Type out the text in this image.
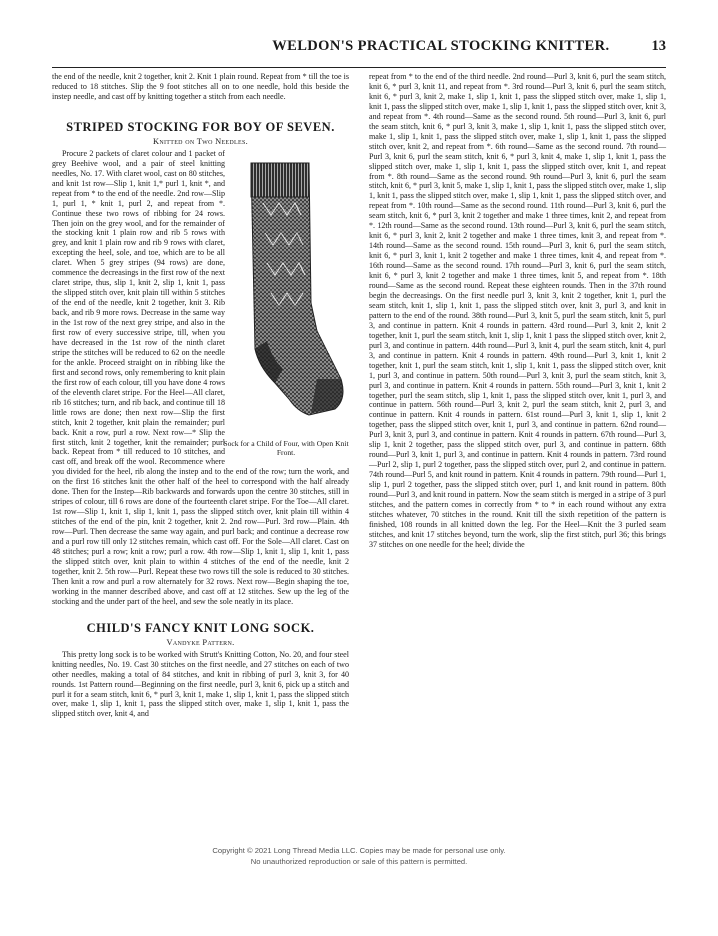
WELDON'S PRACTICAL STOCKING KNITTER.	13

the end of the needle, knit 2 together, knit 2. Knit 1 plain round. Repeat from * till the toe is reduced to 18 stitches. Slip the 9 foot stitches all on to one needle, hold this beside the instep needle, and cast off by knitting together a stitch from each needle.

STRIPED STOCKING FOR BOY OF SEVEN.
Knitted on Two Needles.
Sock for a Child of Four, with Open Knit Front.

Procure 2 packets of claret colour and 1 packet of grey Beehive wool, and a pair of steel knitting needles, No. 17. With claret wool, cast on 80 stitches, and knit 1st row—Slip 1, knit 1,* purl 1, knit *, and repeat from * to the end of the needle. 2nd row—Slip 1, purl 1, * knit 1, purl 2, and repeat from *. Continue these two rows of ribbing for 24 rows. Then join on the grey wool, and for the remainder of the stocking knit 1 plain row and rib 5 rows with grey, and knit 1 plain row and rib 9 rows with claret, excepting the heel, sole, and toe, which are to be all claret. When 5 grey stripes (94 rows) are done, commence the decreasings in the first row of the next claret stripe, thus, slip 1, knit 2, slip 1, knit 1, pass the slipped stitch over, knit plain till within 5 stitches of the end of the needle, knit 2 together, knit 3. Rib back, and rib 9 more rows. Decrease in the same way in the 1st row of the next grey stripe, and also in the first row of every successive stripe, till, when you have decreased in the 1st row of the ninth claret stripe the stitches will be reduced to 62 on the needle for the ankle. Proceed straight on in ribbing like the first and second rows, only remembering to knit plain the first row of each colour, till you have done 4 rows of the eleventh claret stripe. For the Heel—All claret, rib 16 stitches; turn, and rib back, and continue till 18 little rows are done; then next row—Slip the first stitch, knit 2 together, knit plain the remainder; purl back. Knit a row, purl a row. Next row—* Slip the first stitch, knit 2 together, knit the remainder; purl back. Repeat from * till reduced to 10 stitches, and cast off, and break off the wool. Recommence where you divided for the heel, rib along the instep and to the end of the row; turn the work, and on the first 16 stitches knit the other half of the heel to correspond with the half already done. Then for the Instep—Rib backwards and forwards upon the centre 30 stitches, still in stripes of colour, till 6 rows are done of the fourteenth claret stripe. For the Toe—All claret. 1st row—Slip 1, knit 1, slip 1, knit 1, pass the slipped stitch over, knit plain till within 4 stitches of the end of the pin, knit 2 together, knit 2. 2nd row—Purl. 3rd row—Plain. 4th row—Purl. Then decrease the same way again, and purl back; and continue a decrease row and a purl row till only 12 stitches remain, which cast off. For the Sole—All claret. Cast on 48 stitches; purl a row; knit a row; purl a row. 4th row—Slip 1, knit 1, slip 1, knit 1, pass the slipped stitch over, knit plain to within 4 stitches of the end of the needle, knit 2 together, knit 2. 5th row—Purl. Repeat these two rows till the sole is reduced to 30 stitches. Then knit a row and purl a row alternately for 32 rows. Next row—Begin shaping the toe, working in the manner described above, and cast off at 12 stitches. Sew up the leg of the stocking and the under part of the heel, and sew the sole neatly in its place.

CHILD'S FANCY KNIT LONG SOCK.
Vandyke Pattern.

This pretty long sock is to be worked with Strutt's Knitting Cotton, No. 20, and four steel knitting needles, No. 19. Cast 30 stitches on the first needle, and 27 stitches on each of two other needles, making a total of 84 stitches, and knit in ribbing of purl 3, knit 3, for 40 rounds. 1st Pattern round—Beginning on the first needle, purl 3, knit 6, pick up a stitch and purl it for a seam stitch, knit 6, * purl 3, knit 1, make 1, slip 1, knit 1, pass the slipped stitch over, make 1, slip 1, knit 1, pass the slipped stitch over, make 1, slip 1, knit 1, pass the slipped stitch over, knit 4, and

repeat from * to the end of the third needle. 2nd round—Purl 3, knit 6, purl the seam stitch, knit 6, * purl 3, knit 11, and repeat from *. 3rd round—Purl 3, knit 6, purl the seam stitch, knit 6, * purl 3, knit 2, make 1, slip 1, knit 1, pass the slipped stitch over, make 1, slip 1, knit 1, pass the slipped stitch over, make 1, slip 1, knit 1, pass the slipped stitch over, knit 3, and repeat from *. 4th round—Same as the second round. 5th round—Purl 3, knit 6, purl the seam stitch, knit 6, * purl 3, knit 3, make 1, slip 1, knit 1, pass the slipped stitch over, make 1, slip 1, knit 1, pass the slipped stitch over, make 1, slip 1, knit 1, pass the slipped stitch over, knit 2, and repeat from *. 6th round—Same as the second round. 7th round—Purl 3, knit 6, purl the seam stitch, knit 6, * purl 3, knit 4, make 1, slip 1, knit 1, pass the slipped stitch over, make 1, slip 1, knit 1, pass the slipped stitch over, knit 1, and repeat from *. 8th round—Same as the second round. 9th round—Purl 3, knit 6, purl the seam stitch, knit 6, * purl 3, knit 5, make 1, slip 1, knit 1, pass the slipped stitch over, make 1, slip 1, knit 1, pass the slipped stitch over, make 1, slip 1, knit 1, pass the slipped stitch over, and repeat from *. 10th round—Same as the second round. 11th round—Purl 3, knit 6, purl the seam stitch, knit 6, * purl 3, knit 2 together and make 1 three times, knit 2, and repeat from *. 12th round—Same as the second round. 13th round—Purl 3, knit 6, purl the seam stitch, knit 6, * purl 3, knit 2, knit 2 together and make 1 three times, knit 3, and repeat from *. 14th round—Same as the second round. 15th round—Purl 3, knit 6, purl the seam stitch, knit 6, * purl 3, knit 1, knit 2 together and make 1 three times, knit 4, and repeat from *. 16th round—Same as the second round. 17th round—Purl 3, knit 6, purl the seam stitch, knit 6, * purl 3, knit 2 together and make 1 three times, knit 5, and repeat from *. 18th round—Same as the second round. Repeat these eighteen rounds. Then in the 37th round begin the decreasings. On the first needle purl 3, knit 3, knit 2 together, knit 1, purl the seam stitch, knit 1, slip 1, knit 1, pass the slipped stitch over, knit 3, purl 3, and knit in pattern to the end of the round. 38th round—Purl 3, knit 5, purl the seam stitch, knit 5, purl 3, and continue in pattern. Knit 4 rounds in pattern. 43rd round—Purl 3, knit 2, knit 2 together, knit 1, purl the seam stitch, knit 1, slip 1, knit 1 pass the slipped stitch over, knit 2, purl 3, and continue in pattern. 44th round—Purl 3, knit 4, purl the seam stitch, knit 4, purl 3, and continue in pattern. Knit 4 rounds in pattern. 49th round—Purl 3, knit 1, knit 2 together, knit 1, purl the seam stitch, knit 1, slip 1, knit 1, pass the slipped stitch over, knit 1, purl 3, and continue in pattern. 50th round—Purl 3, knit 3, purl the seam stitch, knit 3, purl 3, and continue in pattern. Knit 4 rounds in pattern. 55th round—Purl 3, knit 1, knit 2 together, purl the seam stitch, slip 1, knit 1, pass the slipped stitch over, knit 1, purl 3, and continue in pattern. 56th round—Purl 3, knit 2, purl the seam stitch, knit 2, purl 3, and continue in pattern. Knit 4 rounds in pattern. 61st round—Purl 3, knit 1, slip 1, knit 2 together, pass the slipped stitch over, knit 1, purl 3, and continue in pattern. 62nd round—Purl 3, knit 3, purl 3, and continue in pattern. Knit 4 rounds in pattern. 67th round—Purl 3, slip 1, knit 2 together, pass the slipped stitch over, purl 3, and continue in pattern. 68th round—Purl 3, knit 1, purl 3, and continue in pattern. Knit 4 rounds in pattern. 73rd round—Purl 2, slip 1, purl 2 together, pass the slipped stitch over, purl 2, and continue in pattern. 74th round—Purl 5, and knit round in pattern. Knit 4 rounds in pattern. 79th round—Purl 1, slip 1, purl 2 together, pass the slipped stitch over, purl 1, and knit round in pattern. 80th round—Purl 3, and knit round in pattern. Now the seam stitch is merged in a stripe of 3 purl stitches, and the pattern comes in correctly from * to * in each round without any extra stitches whatever, 70 stitches in the round. Knit till the sixth repetition of the pattern is finished, 108 rounds in all knitted down the leg. For the Heel—Knit the 3 purled seam stitches, and knit 17 stitches beyond, turn the work, slip the first stitch, purl 36; this brings 37 stitches on one needle for the heel; divide the

Copyright © 2021 Long Thread Media LLC. Copies may be made for personal use only.
No unauthorized reproduction or sale of this pattern is permitted.
